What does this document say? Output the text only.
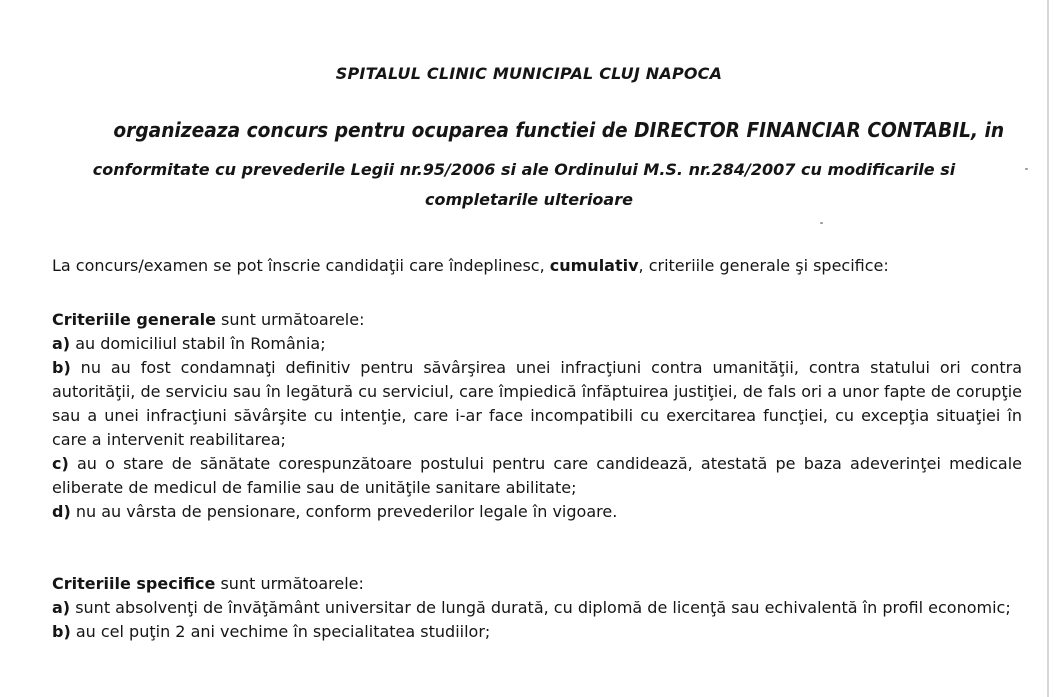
SPITALUL CLINIC MUNICIPAL CLUJ NAPOCA
organizeaza concurs pentru ocuparea functiei de DIRECTOR FINANCIAR CONTABIL, in
conformitate cu prevederile Legii nr.95/2006 si ale Ordinului M.S. nr.284/2007 cu modificarile si
completarile ulterioare
La concurs/examen se pot înscrie candidaţii care îndeplinesc, cumulativ, criteriile generale şi specifice:

Criteriile generale sunt următoarele:

a) au domiciliul stabil în România;

b) nu au fost condamnaţi definitiv pentru săvârşirea unei infracţiuni contra umanităţii, contra statului ori contra autorităţii, de serviciu sau în legătură cu serviciul, care împiedică înfăptuirea justiţiei, de fals ori a unor fapte de corupţie sau a unei infracţiuni săvârşite cu intenţie, care i-ar face incompatibili cu exercitarea funcţiei, cu excepţia situaţiei în care a intervenit reabilitarea;

c) au o stare de sănătate corespunzătoare postului pentru care candidează, atestată pe baza adeverinţei medicale eliberate de medicul de familie sau de unităţile sanitare abilitate;

d) nu au vârsta de pensionare, conform prevederilor legale în vigoare.

Criteriile specifice sunt următoarele:

a) sunt absolvenţi de învăţământ universitar de lungă durată, cu diplomă de licenţă sau echivalentă în profil economic;

b) au cel puţin 2 ani vechime în specialitatea studiilor;
